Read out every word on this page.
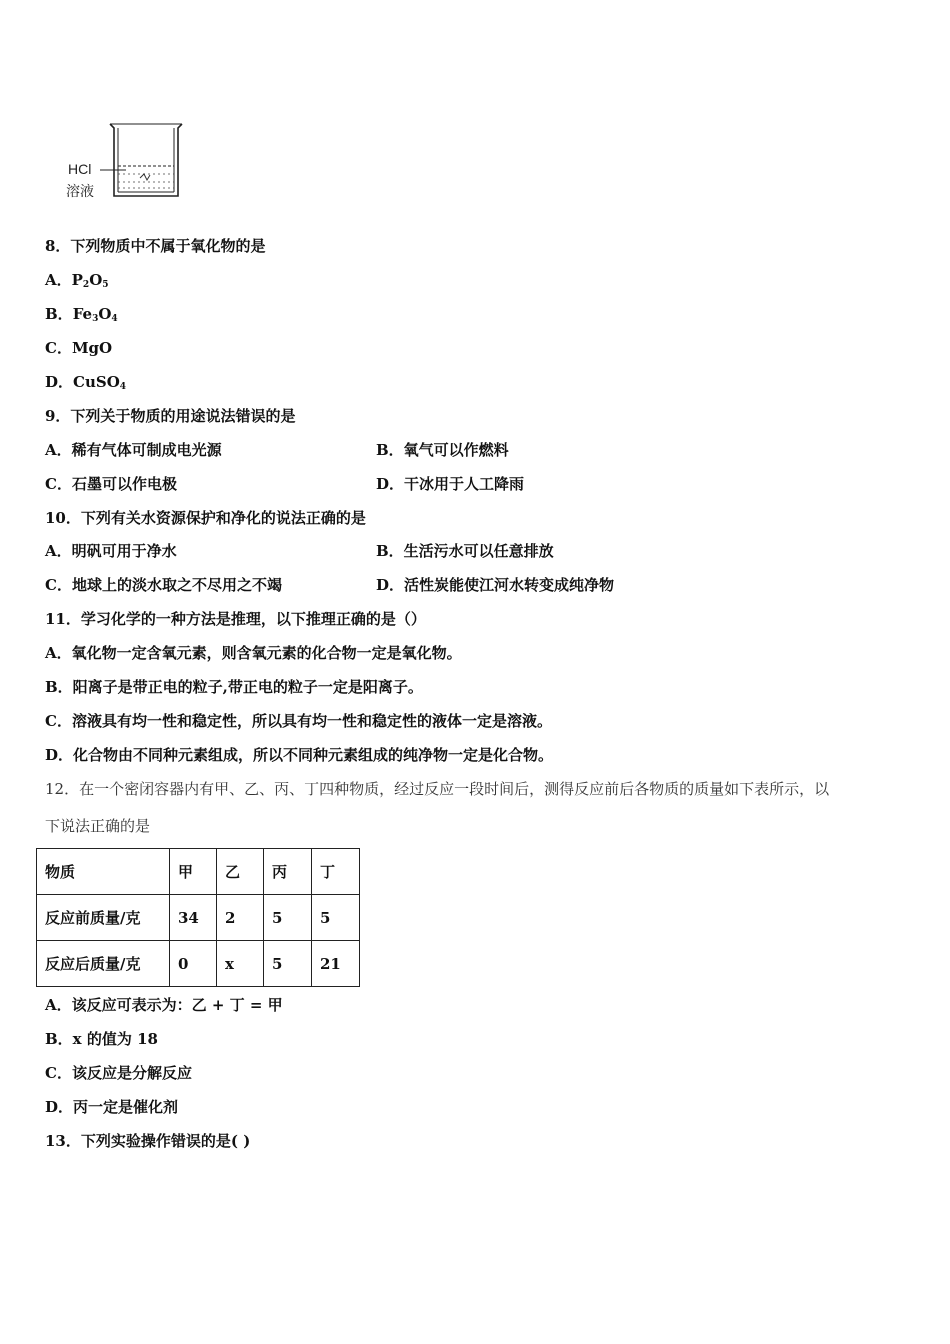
HCl
溶液
8．下列物质中不属于氧化物的是
A．$P_2O_5$
B．$Fe_3O_4$
C．MgO
D．CuSO$_4$
9．下列关于物质的用途说法错误的是
A．稀有气体可制成电光源	B．氧气可以作燃料
C．石墨可以作电极	D．干冰用于人工降雨
10．下列有关水资源保护和净化的说法正确的是
A．明矾可用于净水	B．生活污水可以任意排放
C．地球上的淡水取之不尽用之不竭	D．活性炭能使江河水转变成纯净物
11．学习化学的一种方法是推理，以下推理正确的是（）
A．氧化物一定含氧元素，则含氧元素的化合物一定是氧化物。
B．阳离子是带正电的粒子,带正电的粒子一定是阳离子。
C．溶液具有均一性和稳定性，所以具有均一性和稳定性的液体一定是溶液。
D．化合物由不同种元素组成，所以不同种元素组成的纯净物一定是化合物。
12．在一个密闭容器内有甲、乙、丙、丁四种物质，经过反应一段时间后，测得反应前后各物质的质量如下表所示，以
下说法正确的是
物质	甲	乙	丙	丁
反应前质量/克	34	2	5	5
反应后质量/克	0	x	5	21
A．该反应可表示为：乙 + 丁 = 甲
B．x 的值为 18
C．该反应是分解反应
D．丙一定是催化剂
13．下列实验操作错误的是( )
